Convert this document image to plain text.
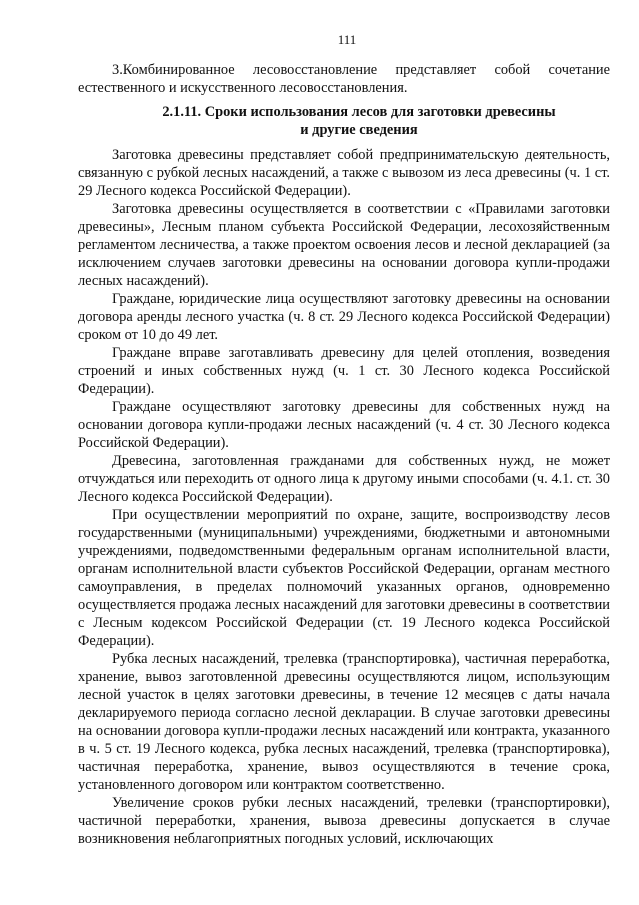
111

3.Комбинированное лесовосстановление представляет собой сочетание естественного и искусственного лесовосстановления.

2.1.11. Сроки использования лесов для заготовки древесины
и другие сведения

Заготовка древесины представляет собой предпринимательскую деятельность, связанную с рубкой лесных насаждений, а также с вывозом из леса древесины (ч. 1 ст. 29 Лесного кодекса Российской Федерации).

Заготовка древесины осуществляется в соответствии с «Правилами заготовки древесины», Лесным планом субъекта Российской Федерации, лесохозяйственным регламентом лесничества, а также проектом освоения лесов и лесной декларацией (за исключением случаев заготовки древесины на основании договора купли-продажи лесных насаждений).

Граждане, юридические лица осуществляют заготовку древесины на основании договора аренды лесного участка (ч. 8 ст. 29 Лесного кодекса Российской Федерации) сроком от 10 до 49 лет.

Граждане вправе заготавливать древесину для целей отопления, возведения строений и иных собственных нужд (ч. 1 ст. 30 Лесного кодекса Российской Федерации).

Граждане осуществляют заготовку древесины для собственных нужд на основании договора купли-продажи лесных насаждений (ч. 4 ст. 30 Лесного кодекса Российской Федерации).

Древесина, заготовленная гражданами для собственных нужд, не может отчуждаться или переходить от одного лица к другому иными способами (ч. 4.1. ст. 30 Лесного кодекса Российской Федерации).

При осуществлении мероприятий по охране, защите, воспроизводству лесов государственными (муниципальными) учреждениями, бюджетными и автономными учреждениями, подведомственными федеральным органам исполнительной власти, органам исполнительной власти субъектов Российской Федерации, органам местного самоуправления, в пределах полномочий указанных органов, одновременно осуществляется продажа лесных насаждений для заготовки древесины в соответствии с Лесным кодексом Российской Федерации (ст. 19 Лесного кодекса Российской Федерации).

Рубка лесных насаждений, трелевка (транспортировка), частичная переработка, хранение, вывоз заготовленной древесины осуществляются лицом, использующим лесной участок в целях заготовки древесины, в течение 12 месяцев с даты начала декларируемого периода согласно лесной декларации. В случае заготовки древесины на основании договора купли-продажи лесных насаждений или контракта, указанного в ч. 5 ст. 19 Лесного кодекса, рубка лесных насаждений, трелевка (транспортировка), частичная переработка, хранение, вывоз осуществляются в течение срока, установленного договором или контрактом соответственно.

Увеличение сроков рубки лесных насаждений, трелевки (транспортировки), частичной переработки, хранения, вывоза древесины допускается в случае возникновения неблагоприятных погодных условий, исключающих
